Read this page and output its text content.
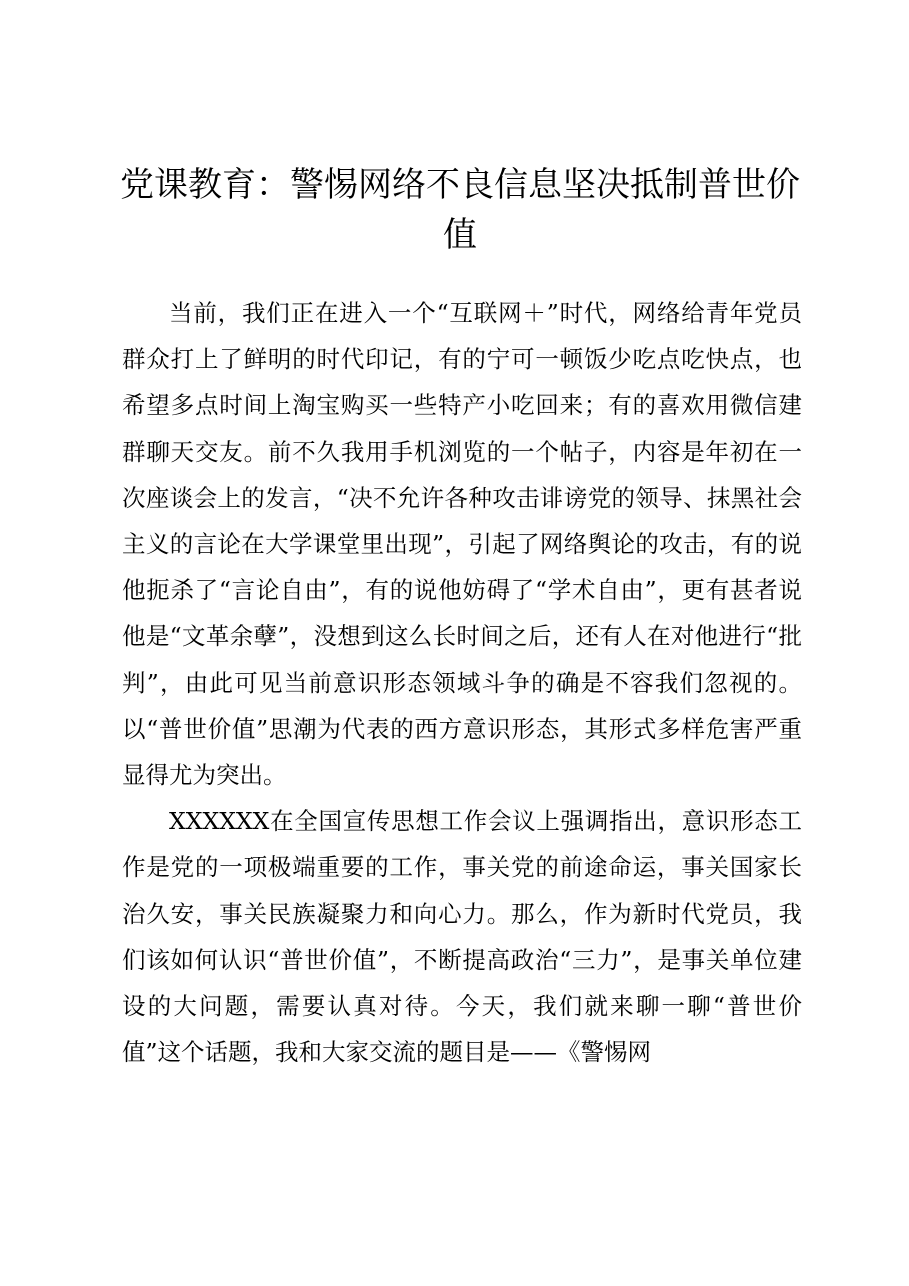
党课教育：警惕网络不良信息坚决抵制普世价值

当前，我们正在进入一个“互联网＋”时代，网络给青年党员群众打上了鲜明的时代印记，有的宁可一顿饭少吃点吃快点，也希望多点时间上淘宝购买一些特产小吃回来；有的喜欢用微信建群聊天交友。前不久我用手机浏览的一个帖子，内容是年初在一次座谈会上的发言，“决不允许各种攻击诽谤党的领导、抹黑社会主义的言论在大学课堂里出现”，引起了网络舆论的攻击，有的说他扼杀了“言论自由”，有的说他妨碍了“学术自由”，更有甚者说他是“文革余孽”，没想到这么长时间之后，还有人在对他进行“批判”，由此可见当前意识形态领域斗争的确是不容我们忽视的。以“普世价值”思潮为代表的西方意识形态，其形式多样危害严重显得尤为突出。

XXXXXX在全国宣传思想工作会议上强调指出，意识形态工作是党的一项极端重要的工作，事关党的前途命运，事关国家长治久安，事关民族凝聚力和向心力。那么，作为新时代党员，我们该如何认识“普世价值”，不断提高政治“三力”，是事关单位建设的大问题，需要认真对待。今天，我们就来聊一聊“普世价值”这个话题，我和大家交流的题目是——《警惕网
